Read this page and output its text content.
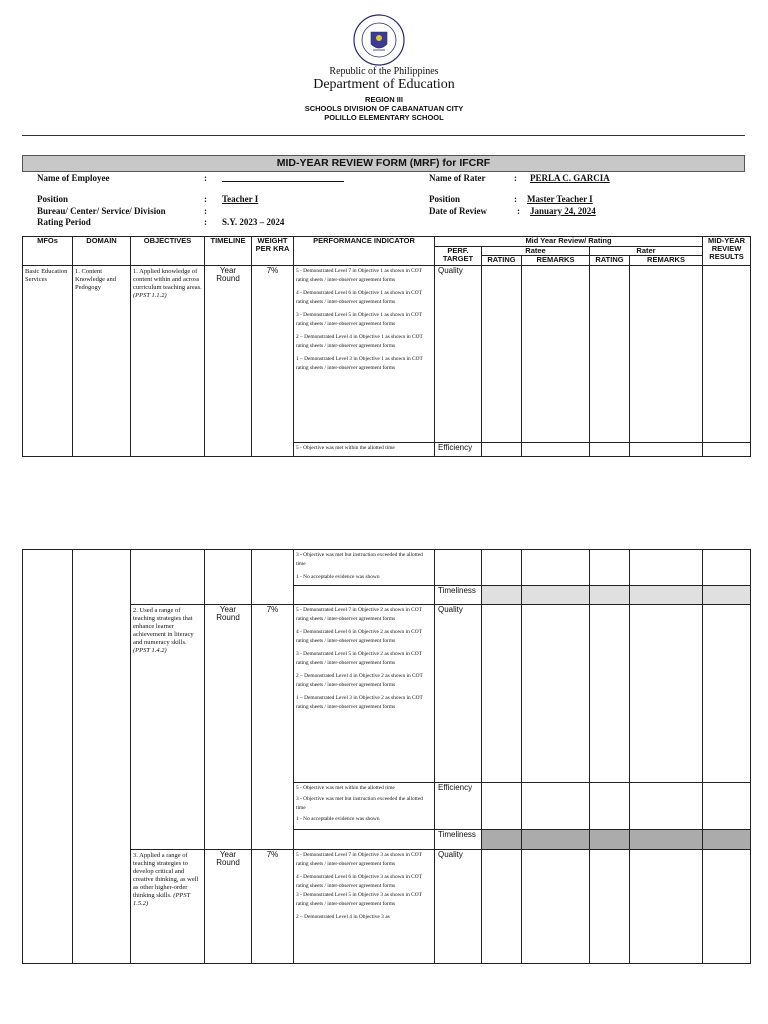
Republic of the Philippines
Department of Education
REGION III
SCHOOLS DIVISION OF CABANATUAN CITY
POLILLO ELEMENTARY SCHOOL
MID-YEAR REVIEW FORM (MRF) for IFCRF
Name of Employee	:
Position	: Teacher I
Bureau/ Center/ Service/ Division	:
Rating Period	: S.Y. 2023 – 2024
Name of Rater	: PERLA C. GARCIA
Position	: Master Teacher I
Date of Review	: January 24, 2024
MFOs	DOMAIN	OBJECTIVES	TIMELINE	WEIGHT PER KRA	PERFORMANCE INDICATOR	Mid Year Review/ Rating					MID-YEAR REVIEW RESULTS
						PERF. TARGET	Ratee		Rater		
							RATING	REMARKS	RATING	REMARKS	
Basic Education Services	1. Content Knowledge and Pedogogy	1. Applied knowledge of content within and across curriculum teaching areas. (PPST 1.1.2)	Year Round	7%	5 - Demonstrated Level 7 in Objective 1 as shown in COT rating sheets / inter-observer agreement forms
4 - Demonstrated Level 6 in Objective 1 as shown in COT rating sheets / inter-observer agreement forms
3 - Demonstrated Level 5 in Objective 1 as shown in COT rating sheets / inter-observer agreement forms
2 – Demonstrated Level 4 in Objective 1 as shown in COT rating sheets / inter-observer agreement forms
1 – Demonstrated Level 3 in Objective 1 as shown in COT rating sheets / inter-observer agreement forms	Quality					

					5 - Objective was met within the allotted time	Efficiency					

					3 - Objective was met but instruction exceeded the allotted time
1 - No acceptable evidence was shown						

						Timeliness					
		2. Used a range of teaching strategies that enhance learner achievement in literacy and numeracy skills. (PPST 1.4.2)	Year Round	7%	5 - Demonstrated Level 7 in Objective 2 as shown in COT rating sheets / inter-observer agreement forms
4 - Demonstrated Level 6 in Objective 2 as shown in COT rating sheets / inter-observer agreement forms
3 - Demonstrated Level 5 in Objective 2 as shown in COT rating sheets / inter-observer agreement forms
2 – Demonstrated Level 4 in Objective 2 as shown in COT rating sheets / inter-observer agreement forms
1 – Demonstrated Level 3 in Objective 2 as shown in COT rating sheets / inter-observer agreement forms	Quality					

					5 - Objective was met within the allotted time
3 - Objective was met but instruction exceeded the allotted time
1 - No acceptable evidence was shown	Efficiency					
						Timeliness					
		3. Applied a range of teaching strategies to develop critical and creative thinking, as well as other higher-order thinking skills. (PPST 1.5.2)	Year Round	7%	5 - Demonstrated Level 7 in Objective 3 as shown in COT rating sheets / inter-observer agreement forms
4 - Demonstrated Level 6 in Objective 3 as shown in COT rating sheets / inter-observer agreement forms
3 - Demonstrated Level 5 in Objective 3 as shown in COT rating sheets / inter-observer agreement forms
2 – Demonstrated Level 4 in Objective 3 as	Quality					
